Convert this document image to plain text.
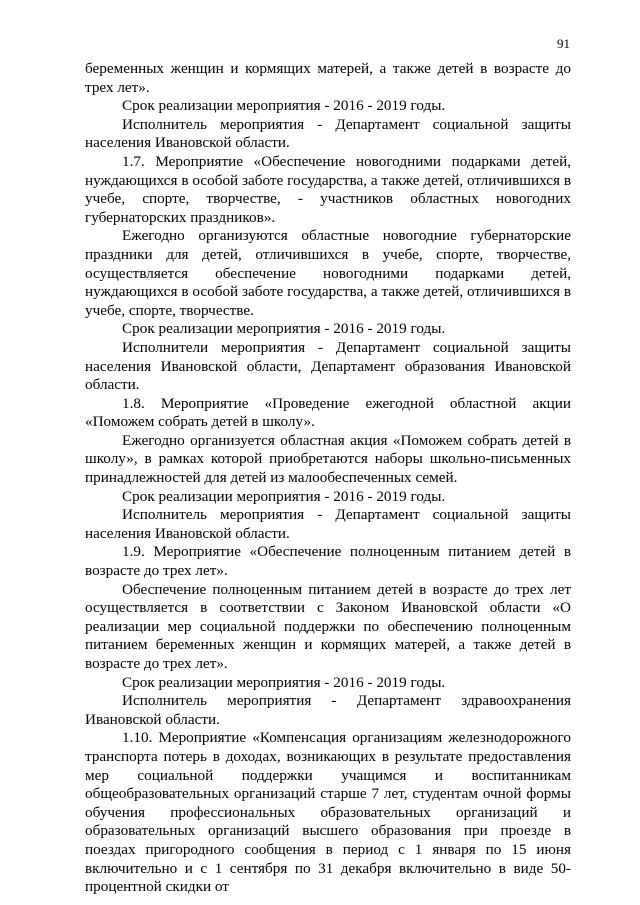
91

беременных женщин и кормящих матерей, а также детей в возрасте до трех лет».

Срок реализации мероприятия - 2016 - 2019 годы.

Исполнитель мероприятия - Департамент социальной защиты населения Ивановской области.

1.7. Мероприятие «Обеспечение новогодними подарками детей, нуждающихся в особой заботе государства, а также детей, отличившихся в учебе, спорте, творчестве, - участников областных новогодних губернаторских праздников».

Ежегодно организуются областные новогодние губернаторские праздники для детей, отличившихся в учебе, спорте, творчестве, осуществляется обеспечение новогодними подарками детей, нуждающихся в особой заботе государства, а также детей, отличившихся в учебе, спорте, творчестве.

Срок реализации мероприятия - 2016 - 2019 годы.

Исполнители мероприятия - Департамент социальной защиты населения Ивановской области, Департамент образования Ивановской области.

1.8. Мероприятие «Проведение ежегодной областной акции «Поможем собрать детей в школу».

Ежегодно организуется областная акция «Поможем собрать детей в школу», в рамках которой приобретаются наборы школьно-письменных принадлежностей для детей из малообеспеченных семей.

Срок реализации мероприятия - 2016 - 2019 годы.

Исполнитель мероприятия - Департамент социальной защиты населения Ивановской области.

1.9. Мероприятие «Обеспечение полноценным питанием детей в возрасте до трех лет».

Обеспечение полноценным питанием детей в возрасте до трех лет осуществляется в соответствии с Законом Ивановской области «О реализации мер социальной поддержки по обеспечению полноценным питанием беременных женщин и кормящих матерей, а также детей в возрасте до трех лет».

Срок реализации мероприятия - 2016 - 2019 годы.

Исполнитель мероприятия - Департамент здравоохранения Ивановской области.

1.10. Мероприятие «Компенсация организациям железнодорожного транспорта потерь в доходах, возникающих в результате предоставления мер социальной поддержки учащимся и воспитанникам общеобразовательных организаций старше 7 лет, студентам очной формы обучения профессиональных образовательных организаций и образовательных организаций высшего образования при проезде в поездах пригородного сообщения в период с 1 января по 15 июня включительно и с 1 сентября по 31 декабря включительно в виде 50-процентной скидки от
